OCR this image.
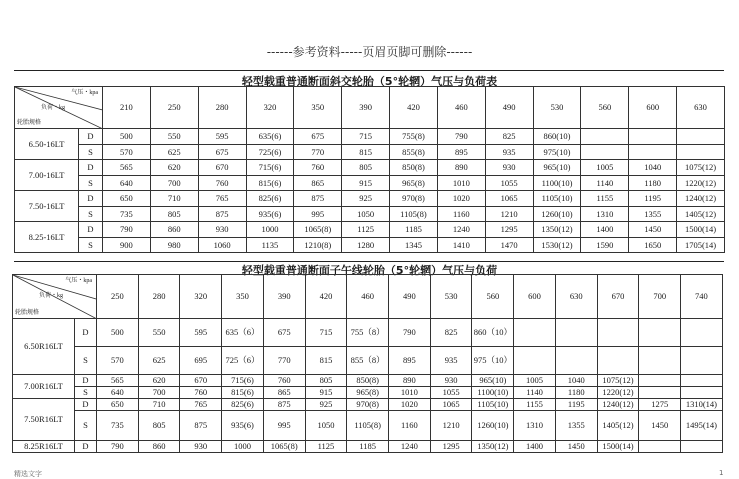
------参考资料-----页眉页脚可删除------
轻型载重普通断面斜交轮胎（5°轮辋）气压与负荷表
气压・kpa
负荷・kg
轮胎规格		210	250	280	320	350	390	420	460	490	530	560	600	630
6.50-16LT	D	500	550	595	635(6)	675	715	755(8)	790	825	860(10)			
	S	570	625	675	725(6)	770	815	855(8)	895	935	975(10)			
7.00-16LT	D	565	620	670	715(6)	760	805	850(8)	890	930	965(10)	1005	1040	1075(12)
	S	640	700	760	815(6)	865	915	965(8)	1010	1055	1100(10)	1140	1180	1220(12)
7.50-16LT	D	650	710	765	825(6)	875	925	970(8)	1020	1065	1105(10)	1155	1195	1240(12)
	S	735	805	875	935(6)	995	1050	1105(8)	1160	1210	1260(10)	1310	1355	1405(12)
8.25-16LT	D	790	860	930	1000	1065(8)	1125	1185	1240	1295	1350(12)	1400	1450	1500(14)
	S	900	980	1060	1135	1210(8)	1280	1345	1410	1470	1530(12)	1590	1650	1705(14)
轻型载重普通断面子午线轮胎（5°轮辋）气压与负荷
气压・kpa
负荷・kg
轮胎规格		250	280	320	350	390	420	460	490	530	560	600	630	670	700	740
6.50R16LT	D	500	550	595	635（6）	675	715	755（8）	790	825	860（10）					
	S	570	625	695	725（6）	770	815	855（8）	895	935	975（10）					
7.00R16LT	D	565	620	670	715(6)	760	805	850(8)	890	930	965(10)	1005	1040	1075(12)		
	S	640	700	760	815(6)	865	915	965(8)	1010	1055	1100(10)	1140	1180	1220(12)		
7.50R16LT	D	650	710	765	825(6)	875	925	970(8)	1020	1065	1105(10)	1155	1195	1240(12)	1275	1310(14)
	S	735	805	875	935(6)	995	1050	1105(8)	1160	1210	1260(10)	1310	1355	1405(12)	1450	1495(14)
8.25R16LT	D	790	860	930	1000	1065(8)	1125	1185	1240	1295	1350(12)	1400	1450	1500(14)		
精选文字	1
